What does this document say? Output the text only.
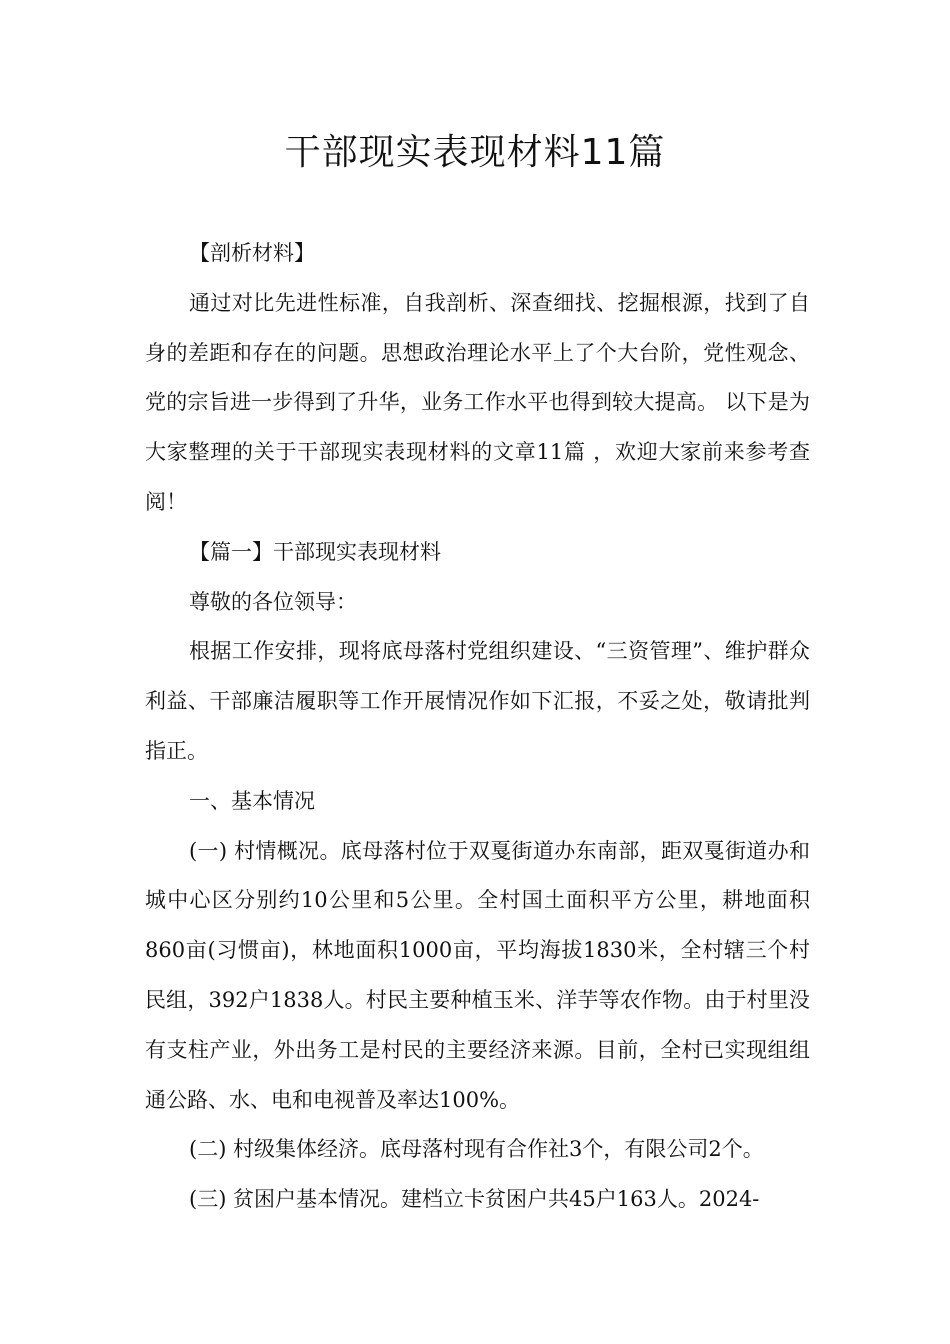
干部现实表现材料11篇

【剖析材料】

通过对比先进性标准，自我剖析、深查细找、挖掘根源，找到了自身的差距和存在的问题。思想政治理论水平上了个大台阶，党性观念、党的宗旨进一步得到了升华，业务工作水平也得到较大提高。 以下是为大家整理的关于干部现实表现材料的文章11篇 ，欢迎大家前来参考查阅！

【篇一】干部现实表现材料

尊敬的各位领导：

根据工作安排，现将底母落村党组织建设、“三资管理”、维护群众利益、干部廉洁履职等工作开展情况作如下汇报，不妥之处，敬请批判指正。

一、基本情况

(一) 村情概况。底母落村位于双戛街道办东南部，距双戛街道办和城中心区分别约10公里和5公里。全村国土面积平方公里，耕地面积860亩(习惯亩)，林地面积1000亩，平均海拔1830米，全村辖三个村民组，392户1838人。村民主要种植玉米、洋芋等农作物。由于村里没有支柱产业，外出务工是村民的主要经济来源。目前，全村已实现组组通公路、水、电和电视普及率达100%。

(二) 村级集体经济。底母落村现有合作社3个，有限公司2个。

(三) 贫困户基本情况。建档立卡贫困户共45户163人。2024-
